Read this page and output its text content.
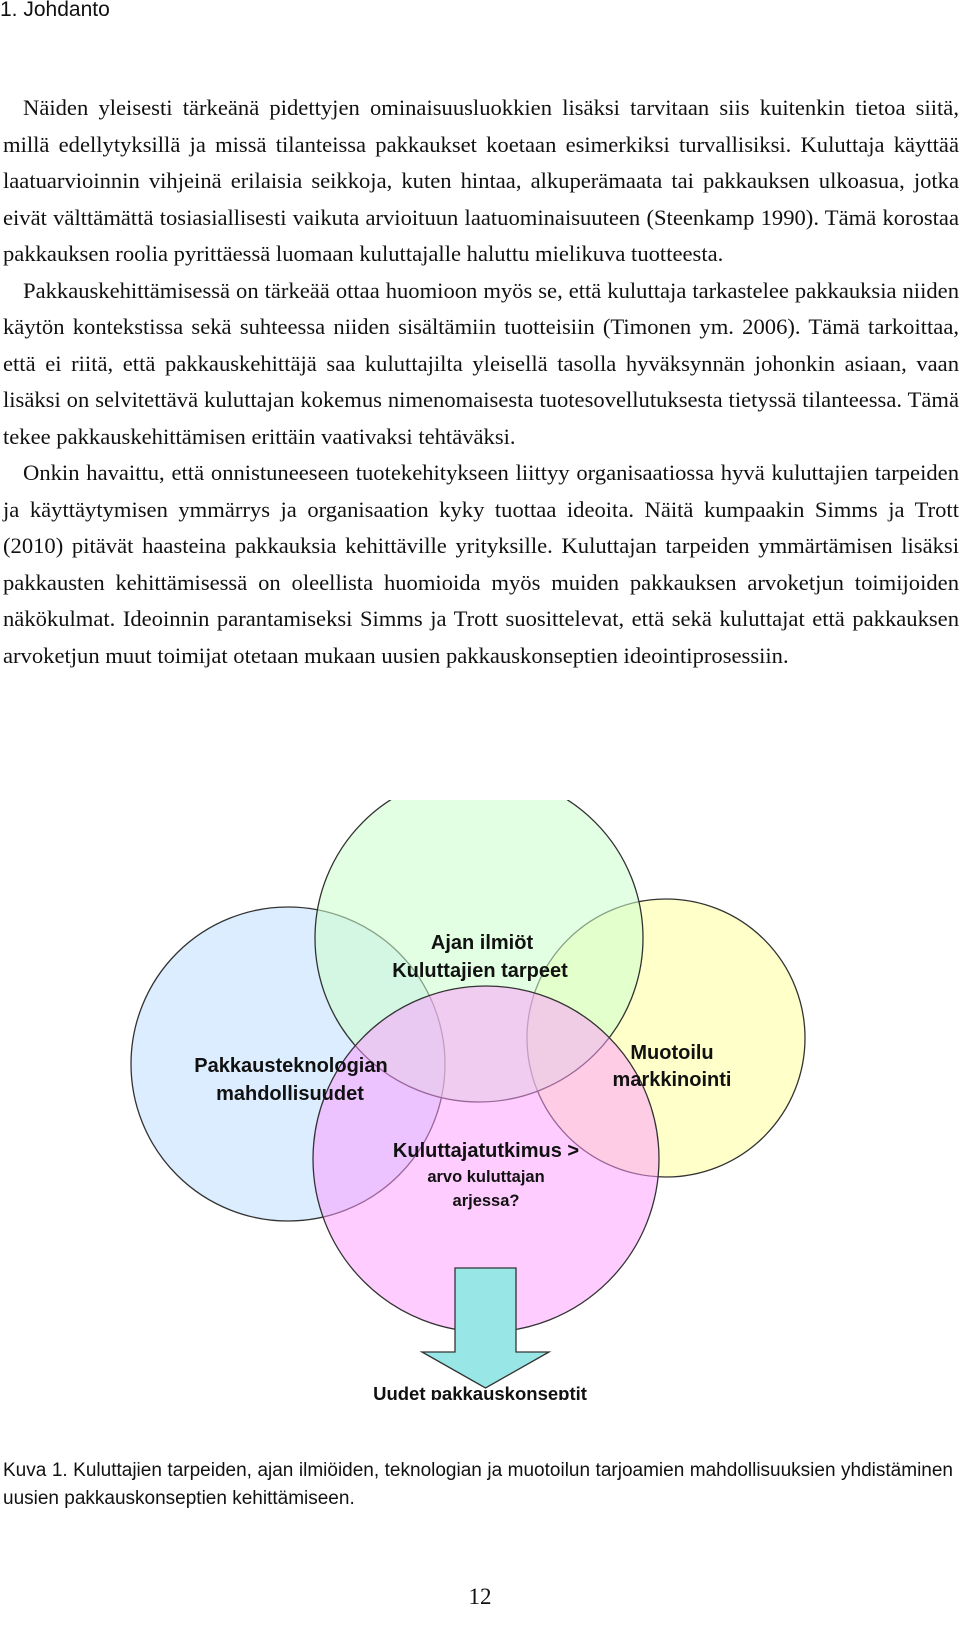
1. Johdanto

Näiden yleisesti tärkeänä pidettyjen ominaisuusluokkien lisäksi tarvitaan siis kuitenkin tietoa siitä, millä edellytyksillä ja missä tilanteissa pakkaukset koetaan esimerkiksi turvallisiksi. Kuluttaja käyttää laatuarvioinnin vihjeinä erilaisia seikkoja, kuten hintaa, alkuperämaata tai pakkauksen ulkoasua, jotka eivät välttämättä tosiasiallisesti vaikuta arvioituun laatuominaisuuteen (Steenkamp 1990). Tämä korostaa pakkauksen roolia pyrittäessä luomaan kuluttajalle haluttu mielikuva tuotteesta.

Pakkauskehittämisessä on tärkeää ottaa huomioon myös se, että kuluttaja tarkastelee pakkauksia niiden käytön kontekstissa sekä suhteessa niiden sisältämiin tuotteisiin (Timonen ym. 2006). Tämä tarkoittaa, että ei riitä, että pakkauskehittäjä saa kuluttajilta yleisellä tasolla hyväksynnän johonkin asiaan, vaan lisäksi on selvitettävä kuluttajan kokemus nimenomaisesta tuotesovellutuksesta tietyssä tilanteessa. Tämä tekee pakkauskehittämisen erittäin vaativaksi tehtäväksi.

Onkin havaittu, että onnistuneeseen tuotekehitykseen liittyy organisaatiossa hyvä kuluttajien tarpeiden ja käyttäytymisen ymmärrys ja organisaation kyky tuottaa ideoita. Näitä kumpaakin Simms ja Trott (2010) pitävät haasteina pakkauksia kehittäville yrityksille. Kuluttajan tarpeiden ymmärtämisen lisäksi pakkausten kehittämisessä on oleellista huomioida myös muiden pakkauksen arvoketjun toimijoiden näkökulmat. Ideoinnin parantamiseksi Simms ja Trott suosittelevat, että sekä kuluttajat että pakkauksen arvoketjun muut toimijat otetaan mukaan uusien pakkauskonseptien ideointiprosessiin.

Ajan ilmiöt
Kuluttajien tarpeet
Pakkausteknologian
mahdollisuudet
Muotoilu
markkinointi
Kuluttajatutkimus >
arvo kuluttajan
arjessa?
Uudet pakkauskonseptit
Kuva 1. Kuluttajien tarpeiden, ajan ilmiöiden, teknologian ja muotoilun tarjoamien mahdollisuuksien yhdistäminen uusien pakkauskonseptien kehittämiseen.
12
